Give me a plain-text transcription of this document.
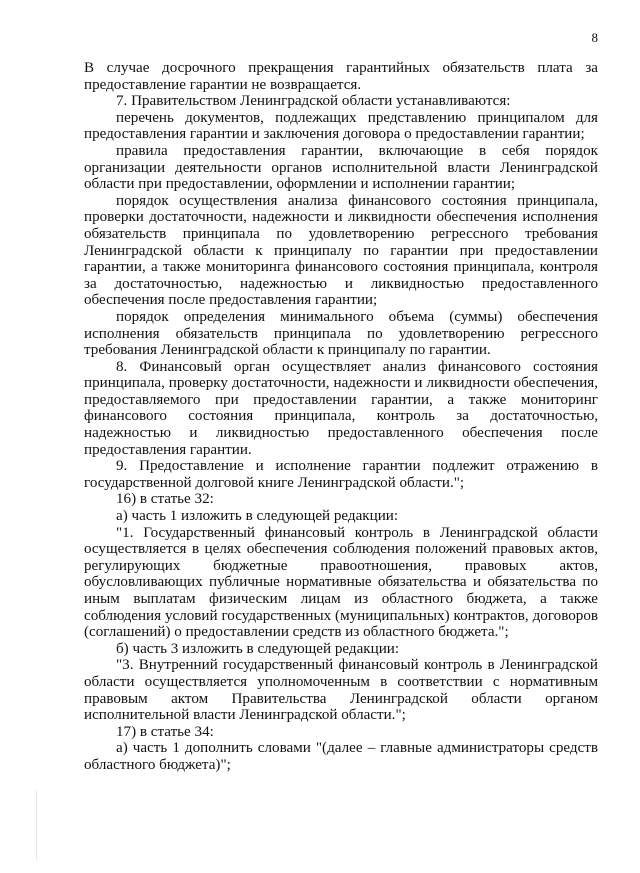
8

В случае досрочного прекращения гарантийных обязательств плата за предоставление гарантии не возвращается.

7. Правительством Ленинградской области устанавливаются:

перечень документов, подлежащих представлению принципалом для предоставления гарантии и заключения договора о предоставлении гарантии;

правила предоставления гарантии, включающие в себя порядок организации деятельности органов исполнительной власти Ленинградской области при предоставлении, оформлении и исполнении гарантии;

порядок осуществления анализа финансового состояния принципала, проверки достаточности, надежности и ликвидности обеспечения исполнения обязательств принципала по удовлетворению регрессного требования Ленинградской области к принципалу по гарантии при предоставлении гарантии, а также мониторинга финансового состояния принципала, контроля за достаточностью, надежностью и ликвидностью предоставленного обеспечения после предоставления гарантии;

порядок определения минимального объема (суммы) обеспечения исполнения обязательств принципала по удовлетворению регрессного требования Ленинградской области к принципалу по гарантии.

8. Финансовый орган осуществляет анализ финансового состояния принципала, проверку достаточности, надежности и ликвидности обеспечения, предоставляемого при предоставлении гарантии, а также мониторинг финансового состояния принципала, контроль за достаточностью, надежностью и ликвидностью предоставленного обеспечения после предоставления гарантии.

9. Предоставление и исполнение гарантии подлежит отражению в государственной долговой книге Ленинградской области.";

16) в статье 32:

а) часть 1 изложить в следующей редакции:

"1. Государственный финансовый контроль в Ленинградской области осуществляется в целях обеспечения соблюдения положений правовых актов, регулирующих бюджетные правоотношения, правовых актов, обусловливающих публичные нормативные обязательства и обязательства по иным выплатам физическим лицам из областного бюджета, а также соблюдения условий государственных (муниципальных) контрактов, договоров (соглашений) о предоставлении средств из областного бюджета.";

б) часть 3 изложить в следующей редакции:

"3. Внутренний государственный финансовый контроль в Ленинградской области осуществляется уполномоченным в соответствии с нормативным правовым актом Правительства Ленинградской области органом исполнительной власти Ленинградской области.";

17) в статье 34:

а) часть 1 дополнить словами "(далее – главные администраторы средств областного бюджета)";
